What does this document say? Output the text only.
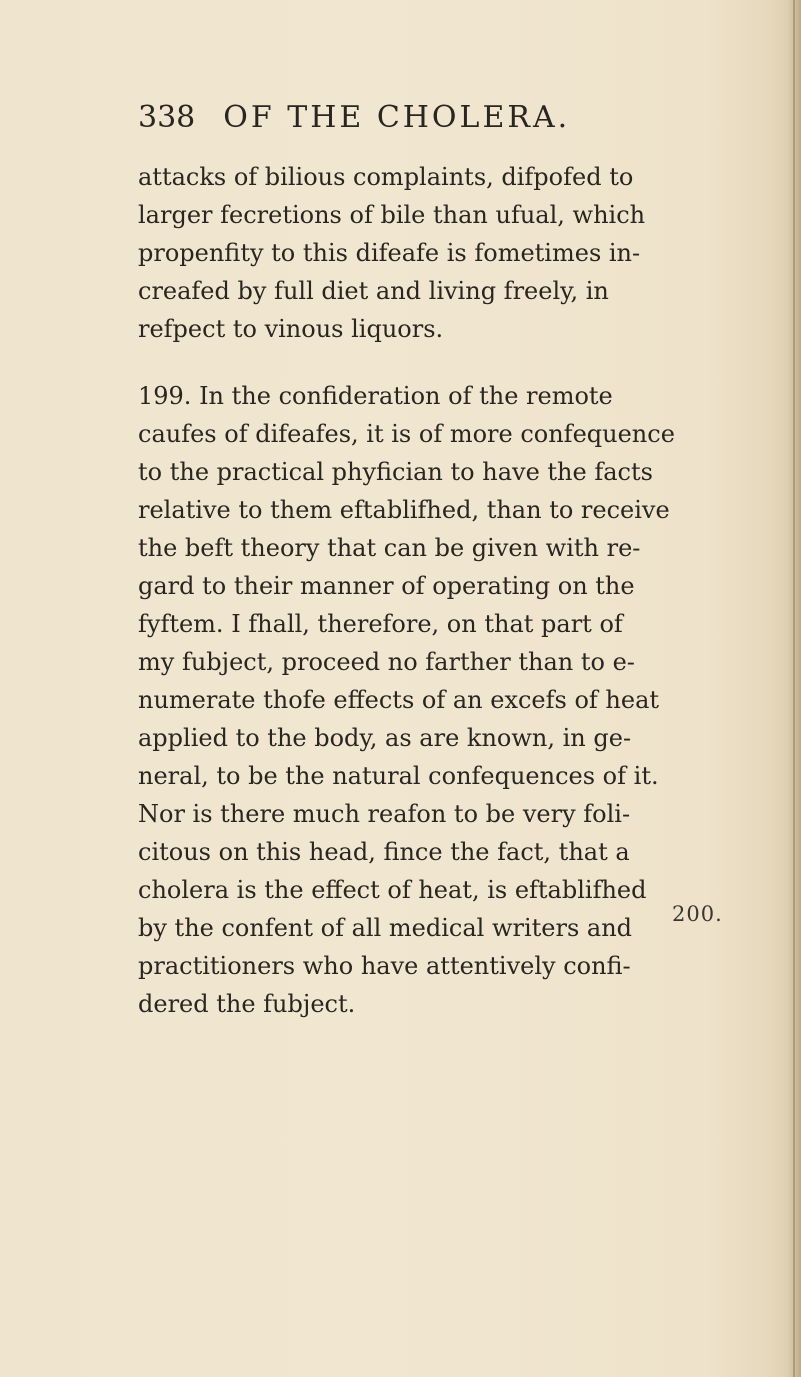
338 OF THE CHOLERA.
attacks of bilious complaints, difpofed to
larger fecretions of bile than ufual, which
propenfity to this difeafe is fometimes in-
creafed by full diet and living freely, in
refpect to vinous liquors.
199. In the confideration of the remote
caufes of difeafes, it is of more confequence
to the practical phyfician to have the facts
relative to them eftablifhed, than to receive
the beft theory that can be given with re-
gard to their manner of operating on the
fyftem. I fhall, therefore, on that part of
my fubject, proceed no farther than to e-
numerate thofe effects of an excefs of heat
applied to the body, as are known, in ge-
neral, to be the natural confequences of it.
Nor is there much reafon to be very foli-
citous on this head, fince the fact, that a
cholera is the effect of heat, is eftablifhed
by the confent of all medical writers and
practitioners who have attentively confi-
dered the fubject.
200.
